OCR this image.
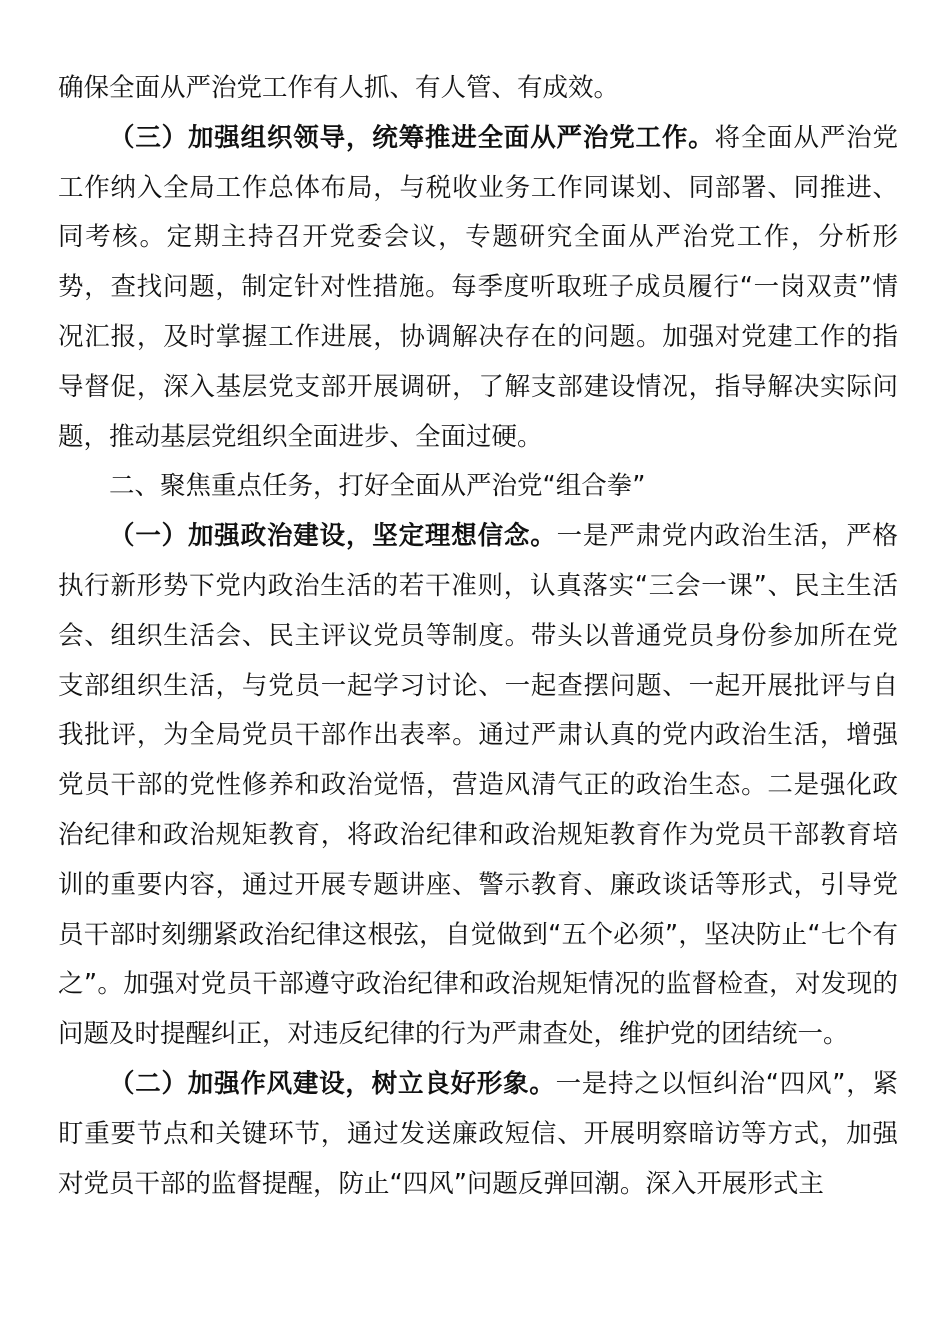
确保全面从严治党工作有人抓、有人管、有成效。

（三）加强组织领导，统筹推进全面从严治党工作。将全面从严治党工作纳入全局工作总体布局，与税收业务工作同谋划、同部署、同推进、同考核。定期主持召开党委会议，专题研究全面从严治党工作，分析形势，查找问题，制定针对性措施。每季度听取班子成员履行“一岗双责”情况汇报，及时掌握工作进展，协调解决存在的问题。加强对党建工作的指导督促，深入基层党支部开展调研，了解支部建设情况，指导解决实际问题，推动基层党组织全面进步、全面过硬。

二、聚焦重点任务，打好全面从严治党“组合拳”

（一）加强政治建设，坚定理想信念。一是严肃党内政治生活，严格执行新形势下党内政治生活的若干准则，认真落实“三会一课”、民主生活会、组织生活会、民主评议党员等制度。带头以普通党员身份参加所在党支部组织生活，与党员一起学习讨论、一起查摆问题、一起开展批评与自我批评，为全局党员干部作出表率。通过严肃认真的党内政治生活，增强党员干部的党性修养和政治觉悟，营造风清气正的政治生态。二是强化政治纪律和政治规矩教育，将政治纪律和政治规矩教育作为党员干部教育培训的重要内容，通过开展专题讲座、警示教育、廉政谈话等形式，引导党员干部时刻绷紧政治纪律这根弦，自觉做到“五个必须”，坚决防止“七个有之”。加强对党员干部遵守政治纪律和政治规矩情况的监督检查，对发现的问题及时提醒纠正，对违反纪律的行为严肃查处，维护党的团结统一。

（二）加强作风建设，树立良好形象。一是持之以恒纠治“四风”，紧盯重要节点和关键环节，通过发送廉政短信、开展明察暗访等方式，加强对党员干部的监督提醒，防止“四风”问题反弹回潮。深入开展形式主
